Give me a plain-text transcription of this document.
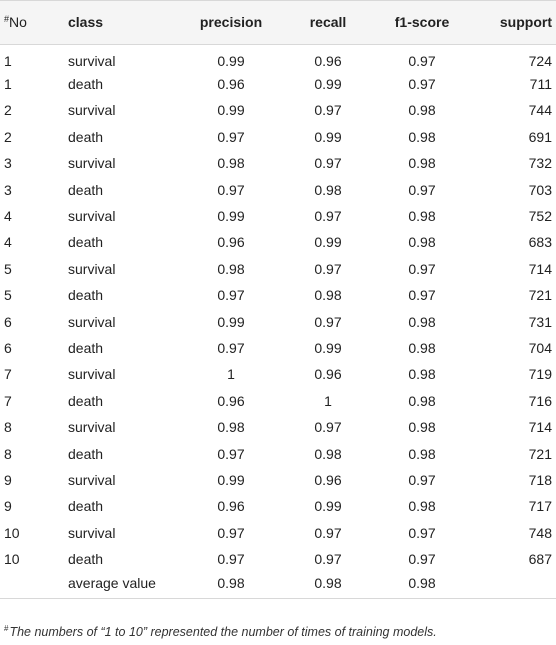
#No	class	precision	recall	f1-score	support
1	survival	0.99	0.96	0.97	724
1	death	0.96	0.99	0.97	711
2	survival	0.99	0.97	0.98	744
2	death	0.97	0.99	0.98	691
3	survival	0.98	0.97	0.98	732
3	death	0.97	0.98	0.97	703
4	survival	0.99	0.97	0.98	752
4	death	0.96	0.99	0.98	683
5	survival	0.98	0.97	0.97	714
5	death	0.97	0.98	0.97	721
6	survival	0.99	0.97	0.98	731
6	death	0.97	0.99	0.98	704
7	survival	1	0.96	0.98	719
7	death	0.96	1	0.98	716
8	survival	0.98	0.97	0.98	714
8	death	0.97	0.98	0.98	721
9	survival	0.99	0.96	0.97	718
9	death	0.96	0.99	0.98	717
10	survival	0.97	0.97	0.97	748
10	death	0.97	0.97	0.97	687
	average value	0.98	0.98	0.98	
#The numbers of “1 to 10” represented the number of times of training models.
